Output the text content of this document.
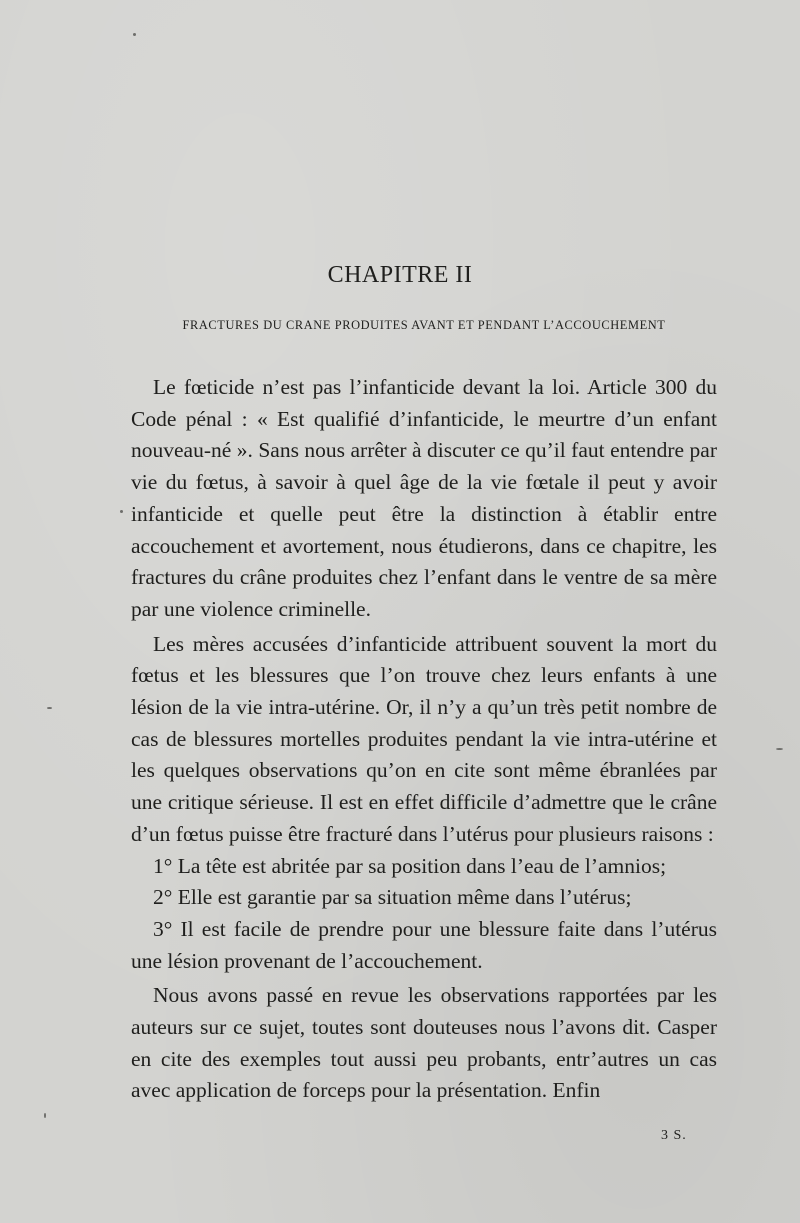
CHAPITRE II
FRACTURES DU CRANE PRODUITES AVANT ET PENDANT L’ACCOUCHEMENT

Le fœticide n’est pas l’infanticide devant la loi. Article 300 du Code pénal : « Est qualifié d’infanticide, le meurtre d’un enfant nouveau-né ». Sans nous arrêter à discuter ce qu’il faut entendre par vie du fœtus, à savoir à quel âge de la vie fœtale il peut y avoir infanticide et quelle peut être la distinction à établir entre accouchement et avortement, nous étudierons, dans ce chapitre, les fractures du crâne produites chez l’enfant dans le ventre de sa mère par une violence criminelle.

Les mères accusées d’infanticide attribuent souvent la mort du fœtus et les blessures que l’on trouve chez leurs enfants à une lésion de la vie intra-utérine. Or, il n’y a qu’un très petit nombre de cas de blessures mortelles produites pendant la vie intra-utérine et les quelques observations qu’on en cite sont même ébranlées par une critique sérieuse. Il est en effet difficile d’admettre que le crâne d’un fœtus puisse être fracturé dans l’utérus pour plusieurs raisons :

1° La tête est abritée par sa position dans l’eau de l’amnios;

2° Elle est garantie par sa situation même dans l’utérus;

3° Il est facile de prendre pour une blessure faite dans l’utérus une lésion provenant de l’accouchement.

Nous avons passé en revue les observations rapportées par les auteurs sur ce sujet, toutes sont douteuses nous l’avons dit. Casper en cite des exemples tout aussi peu probants, entr’autres un cas avec application de forceps pour la présentation. Enfin

3 S.
